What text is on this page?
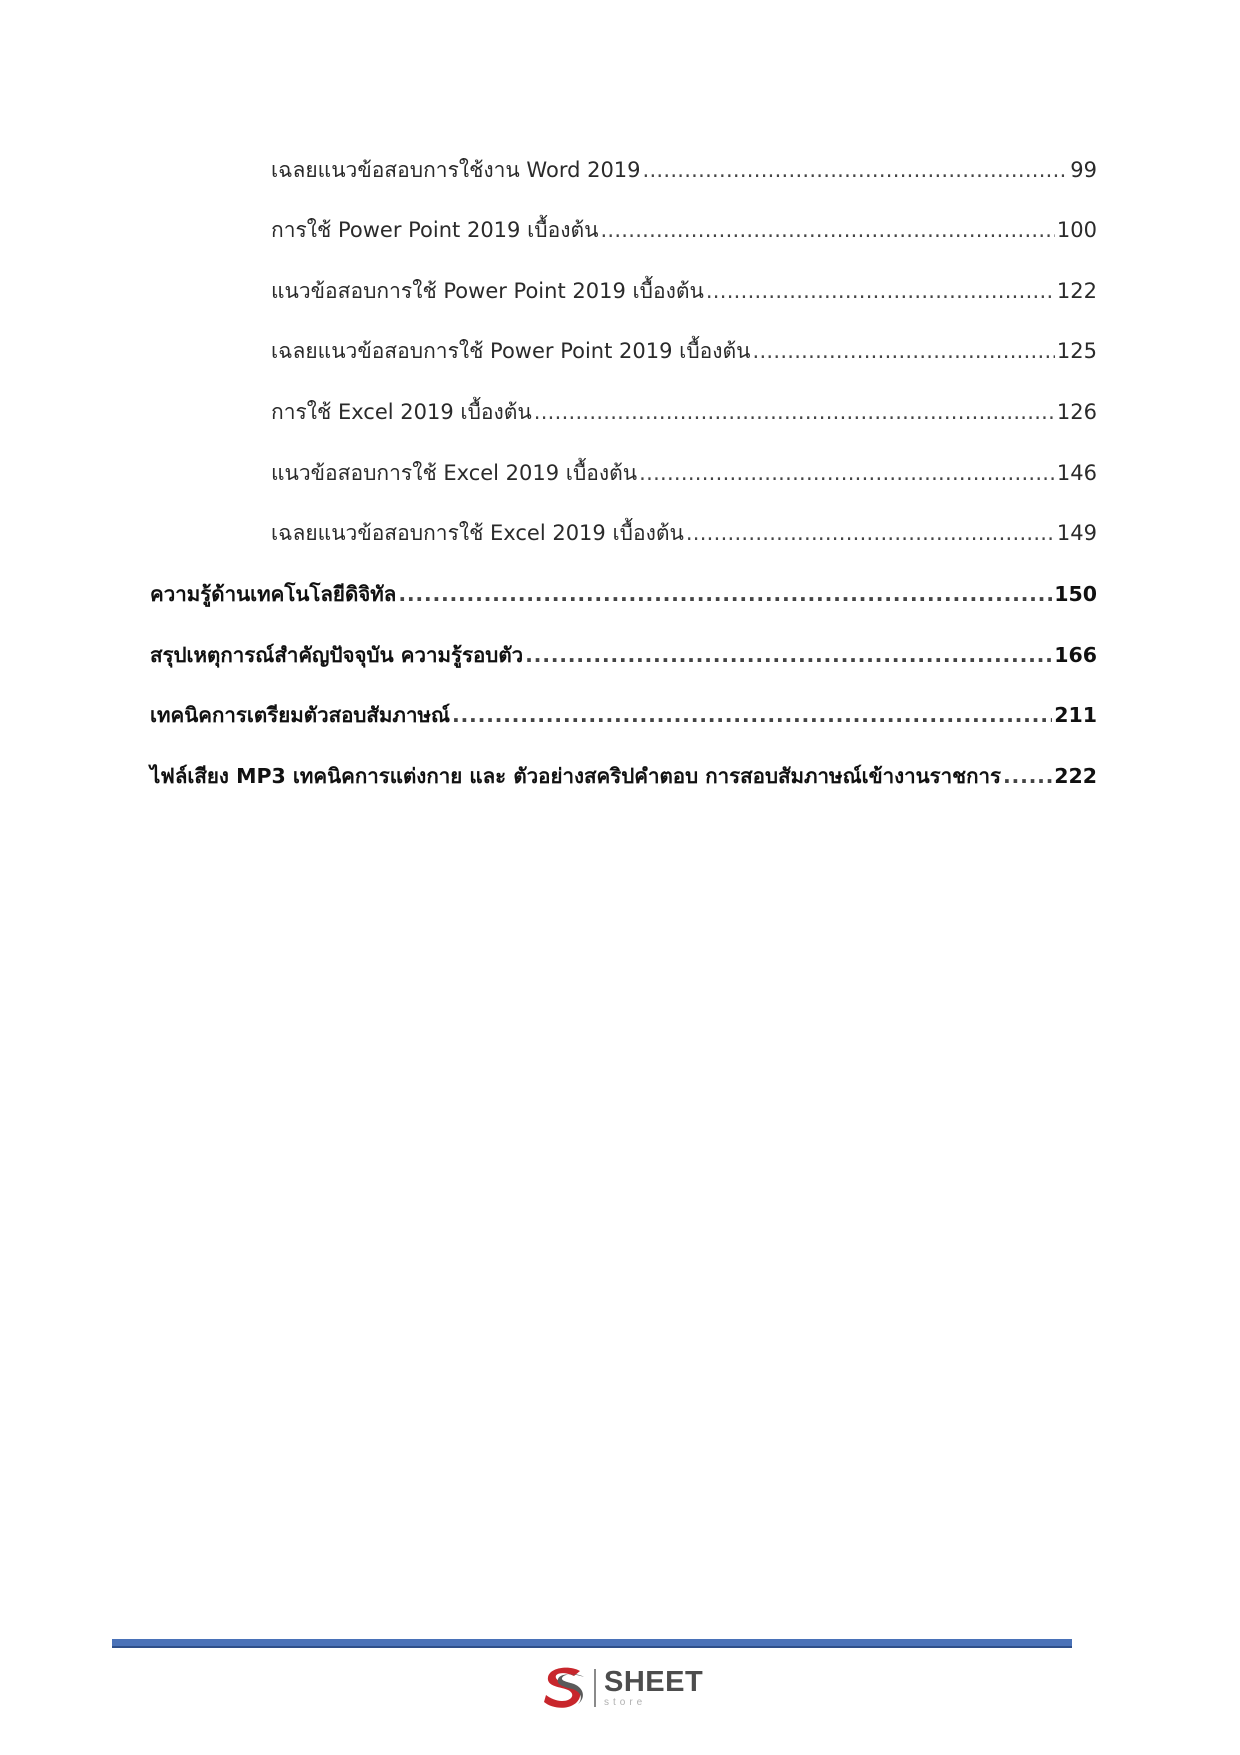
เฉลยแนวข้อสอบการใช้งาน Word 2019 . . .	99
การใช้ Power Point 2019 เบื้องต้น . . .	100
แนวข้อสอบการใช้ Power Point 2019 เบื้องต้น . . .	122
เฉลยแนวข้อสอบการใช้ Power Point 2019 เบื้องต้น . . .	125
การใช้ Excel 2019 เบื้องต้น . . .	126
แนวข้อสอบการใช้ Excel 2019 เบื้องต้น . . .	146
เฉลยแนวข้อสอบการใช้ Excel 2019 เบื้องต้น . . .	149
ความรู้ด้านเทคโนโลยีดิจิทัล . . .	150
สรุปเหตุการณ์สำคัญปัจจุบัน ความรู้รอบตัว . . .	166
เทคนิคการเตรียมตัวสอบสัมภาษณ์ . . .	211
ไฟล์เสียง MP3 เทคนิคการแต่งกาย และ ตัวอย่างสคริปคำตอบ การสอบสัมภาษณ์เข้างานราชการ . . .	222
SHEET
store
